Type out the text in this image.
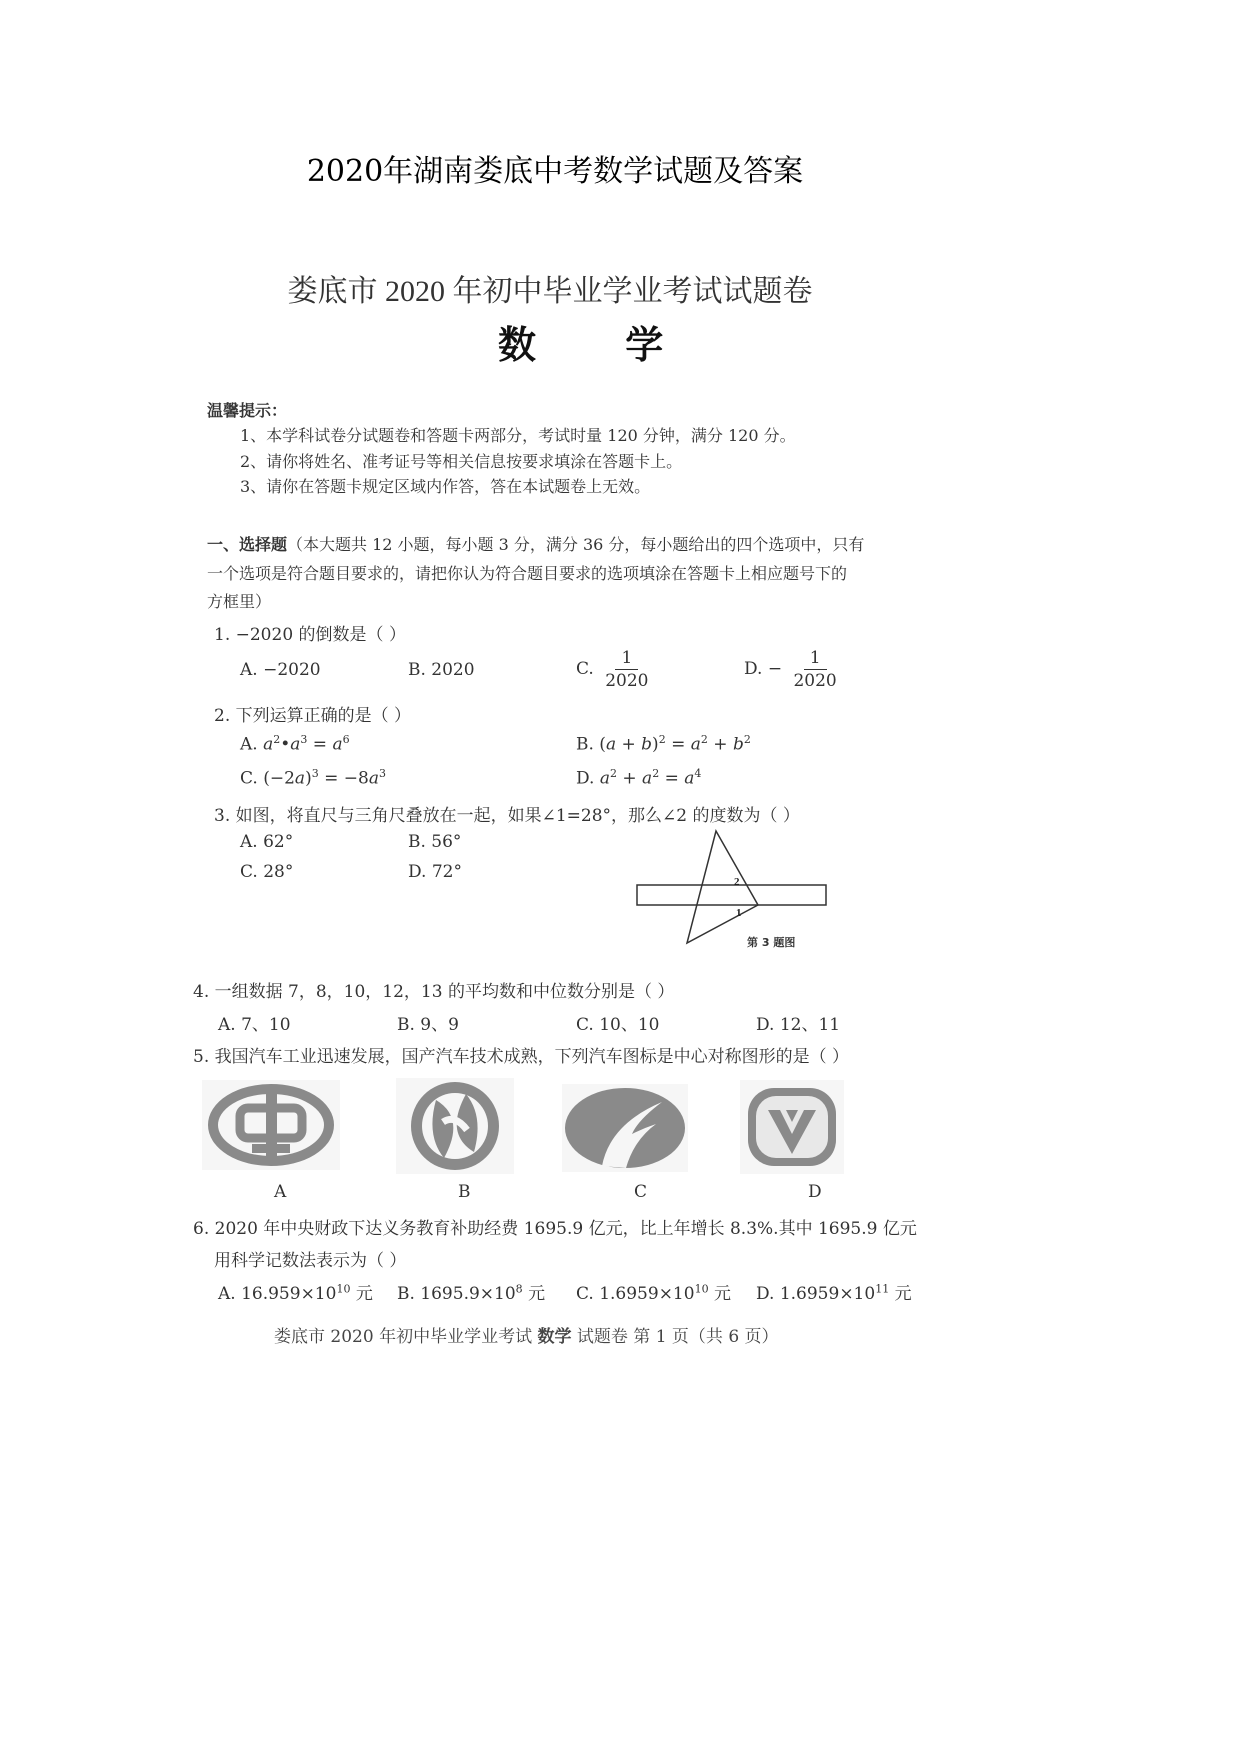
2020年湖南娄底中考数学试题及答案
娄底市 2020 年初中毕业学业考试试题卷
数 学
温馨提示：
1、本学科试卷分试题卷和答题卡两部分，考试时量 120 分钟，满分 120 分。
2、请你将姓名、准考证号等相关信息按要求填涂在答题卡上。
3、请你在答题卡规定区域内作答，答在本试题卷上无效。
一、选择题（本大题共 12 小题，每小题 3 分，满分 36 分，每小题给出的四个选项中，只有
一个选项是符合题目要求的，请把你认为符合题目要求的选项填涂在答题卡上相应题号下的
方框里）
1. −2020 的倒数是（ ）
A. −2020	B. 2020	C. $\frac{1}{2020}$	D. − $\frac{1}{2020}$
2. 下列运算正确的是（ ）
A. $a^2•a^3 = a^6$	B. $(a + b)^2 = a^2 + b^2$
C. $(-2a)^3 = -8a^3$	D. $a^2 + a^2 = a^4$
3. 如图，将直尺与三角尺叠放在一起，如果∠1=28°，那么∠2 的度数为（ ）
A. 62°	B. 56°
C. 28°	D. 72°	2
1
第 3 题图
4. 一组数据 7，8，10，12，13 的平均数和中位数分别是（ ）
A. 7、10	B. 9、9	C. 10、10	D. 12、11
5. 我国汽车工业迅速发展，国产汽车技术成熟，下列汽车图标是中心对称图形的是（ ）
A	B	C	D
6. 2020 年中央财政下达义务教育补助经费 1695.9 亿元，比上年增长 8.3%.其中 1695.9 亿元
用科学记数法表示为（ ）
A. $16.959\times 10^{10}$ 元 B. $1695.9\times 10^8$ 元 C. $1.6959\times 10^{10}$ 元 D. $1.6959\times 10^{11}$ 元
娄底市 2020 年初中毕业学业考试 数学 试题卷 第 1 页（共 6 页）
